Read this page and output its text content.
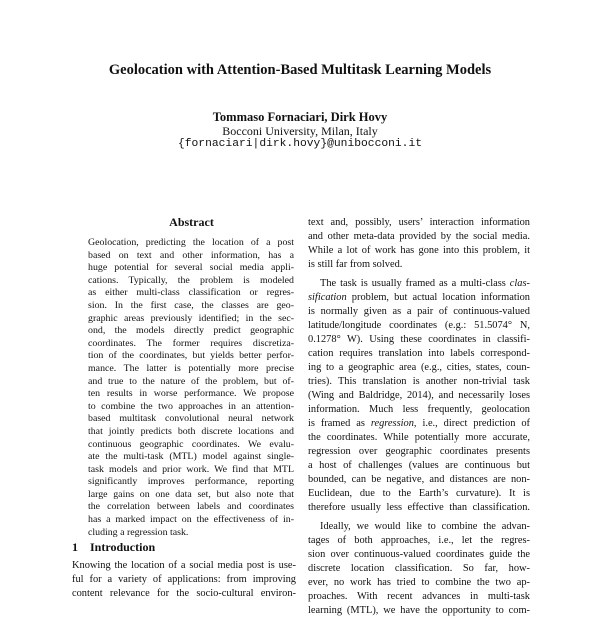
Geolocation with Attention-Based Multitask Learning Models
Tommaso Fornaciari, Dirk Hovy
Bocconi University, Milan, Italy
{fornaciari|dirk.hovy}@unibocconi.it
Abstract
Geolocation, predicting the location of a post
based on text and other information, has a
huge potential for several social media appli-
cations. Typically, the problem is modeled
as either multi-class classification or regres-
sion. In the first case, the classes are geo-
graphic areas previously identified; in the sec-
ond, the models directly predict geographic
coordinates. The former requires discretiza-
tion of the coordinates, but yields better perfor-
mance. The latter is potentially more precise
and true to the nature of the problem, but of-
ten results in worse performance. We propose
to combine the two approaches in an attention-
based multitask convolutional neural network
that jointly predicts both discrete locations and
continuous geographic coordinates. We evalu-
ate the multi-task (MTL) model against single-
task models and prior work. We find that MTL
significantly improves performance, reporting
large gains on one data set, but also note that
the correlation between labels and coordinates
has a marked impact on the effectiveness of in-
cluding a regression task.
1 Introduction
Knowing the location of a social media post is use-
ful for a variety of applications: from improving
content relevance for the socio-cultural environ-
text and, possibly, users’ interaction information
and other meta-data provided by the social media.
While a lot of work has gone into this problem, it
is still far from solved.
The task is usually framed as a multi-class clas-
sification problem, but actual location information
is normally given as a pair of continuous-valued
latitude/longitude coordinates (e.g.: 51.5074° N,
0.1278° W). Using these coordinates in classifi-
cation requires translation into labels correspond-
ing to a geographic area (e.g., cities, states, coun-
tries). This translation is another non-trivial task
(Wing and Baldridge, 2014), and necessarily loses
information. Much less frequently, geolocation
is framed as regression, i.e., direct prediction of
the coordinates. While potentially more accurate,
regression over geographic coordinates presents
a host of challenges (values are continuous but
bounded, can be negative, and distances are non-
Euclidean, due to the Earth’s curvature). It is
therefore usually less effective than classification.
Ideally, we would like to combine the advan-
tages of both approaches, i.e., let the regres-
sion over continuous-valued coordinates guide the
discrete location classification. So far, how-
ever, no work has tried to combine the two ap-
proaches. With recent advances in multi-task
learning (MTL), we have the opportunity to com-
